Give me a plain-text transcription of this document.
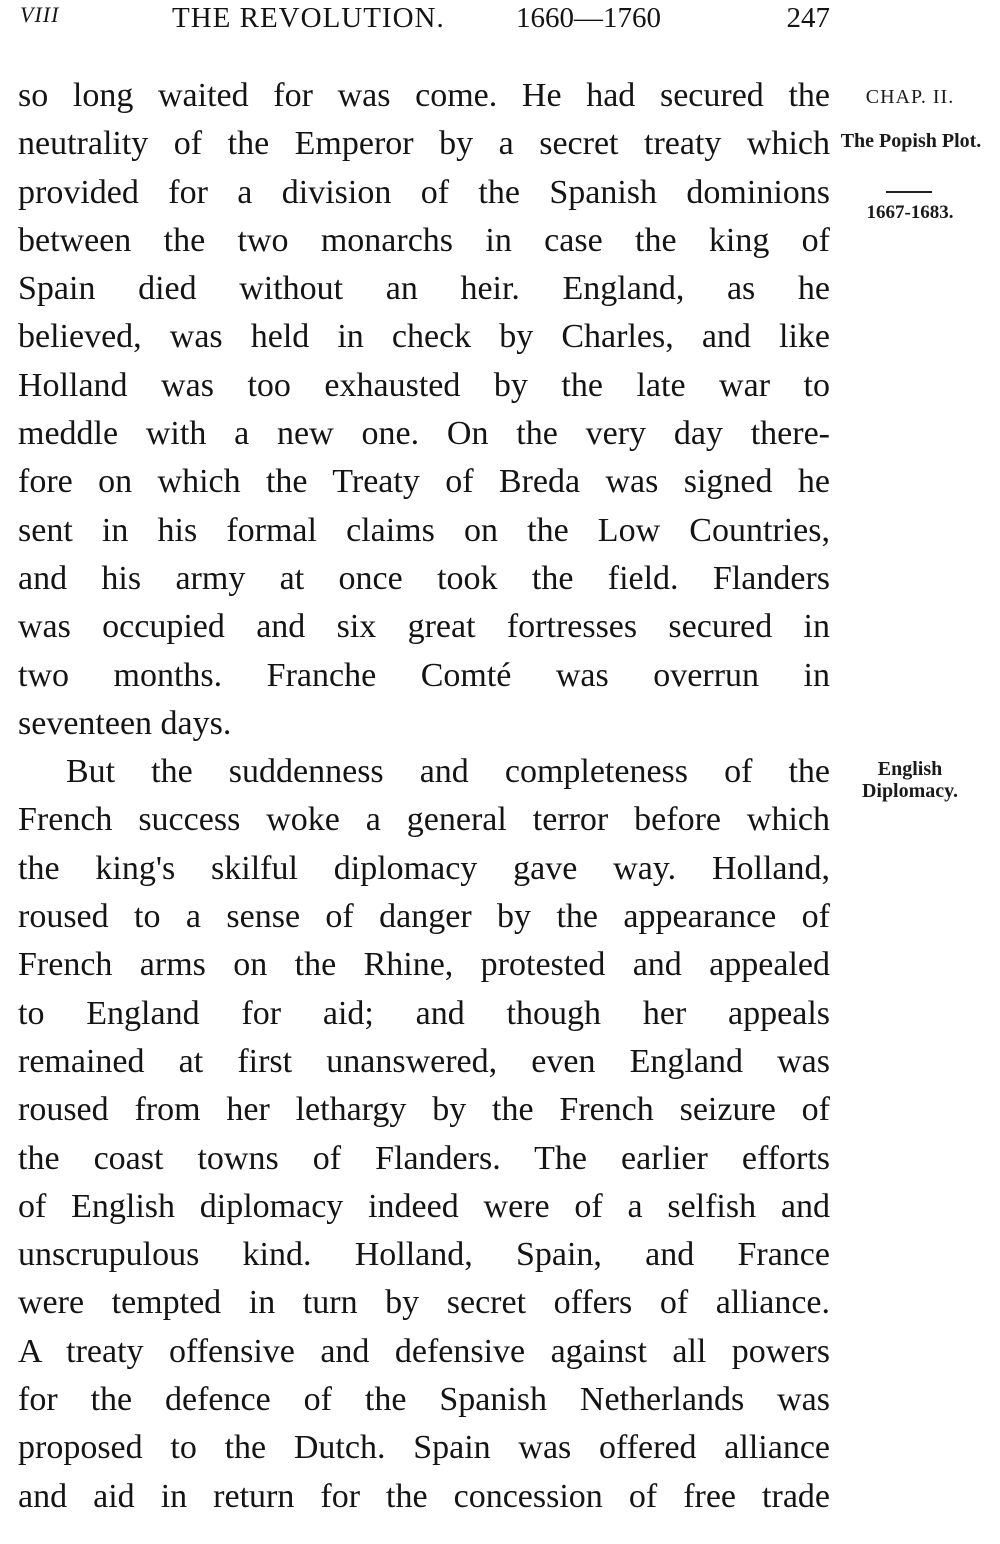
VIII	THE REVOLUTION. 1660—1760	247
CHAP. II.
The Popish Plot.
1667-1683.
English Diplomacy.
so long waited for was come. He had secured the
neutrality of the Emperor by a secret treaty which
provided for a division of the Spanish dominions
between the two monarchs in case the king of
Spain died without an heir. England, as he
believed, was held in check by Charles, and like
Holland was too exhausted by the late war to
meddle with a new one. On the very day there-
fore on which the Treaty of Breda was signed he
sent in his formal claims on the Low Countries,
and his army at once took the field. Flanders
was occupied and six great fortresses secured in
two months. Franche Comté was overrun in
seventeen days.
But the suddenness and completeness of the
French success woke a general terror before which
the king's skilful diplomacy gave way. Holland,
roused to a sense of danger by the appearance of
French arms on the Rhine, protested and appealed
to England for aid; and though her appeals
remained at first unanswered, even England was
roused from her lethargy by the French seizure of
the coast towns of Flanders. The earlier efforts
of English diplomacy indeed were of a selfish and
unscrupulous kind. Holland, Spain, and France
were tempted in turn by secret offers of alliance.
A treaty offensive and defensive against all powers
for the defence of the Spanish Netherlands was
proposed to the Dutch. Spain was offered alliance
and aid in return for the concession of free trade
